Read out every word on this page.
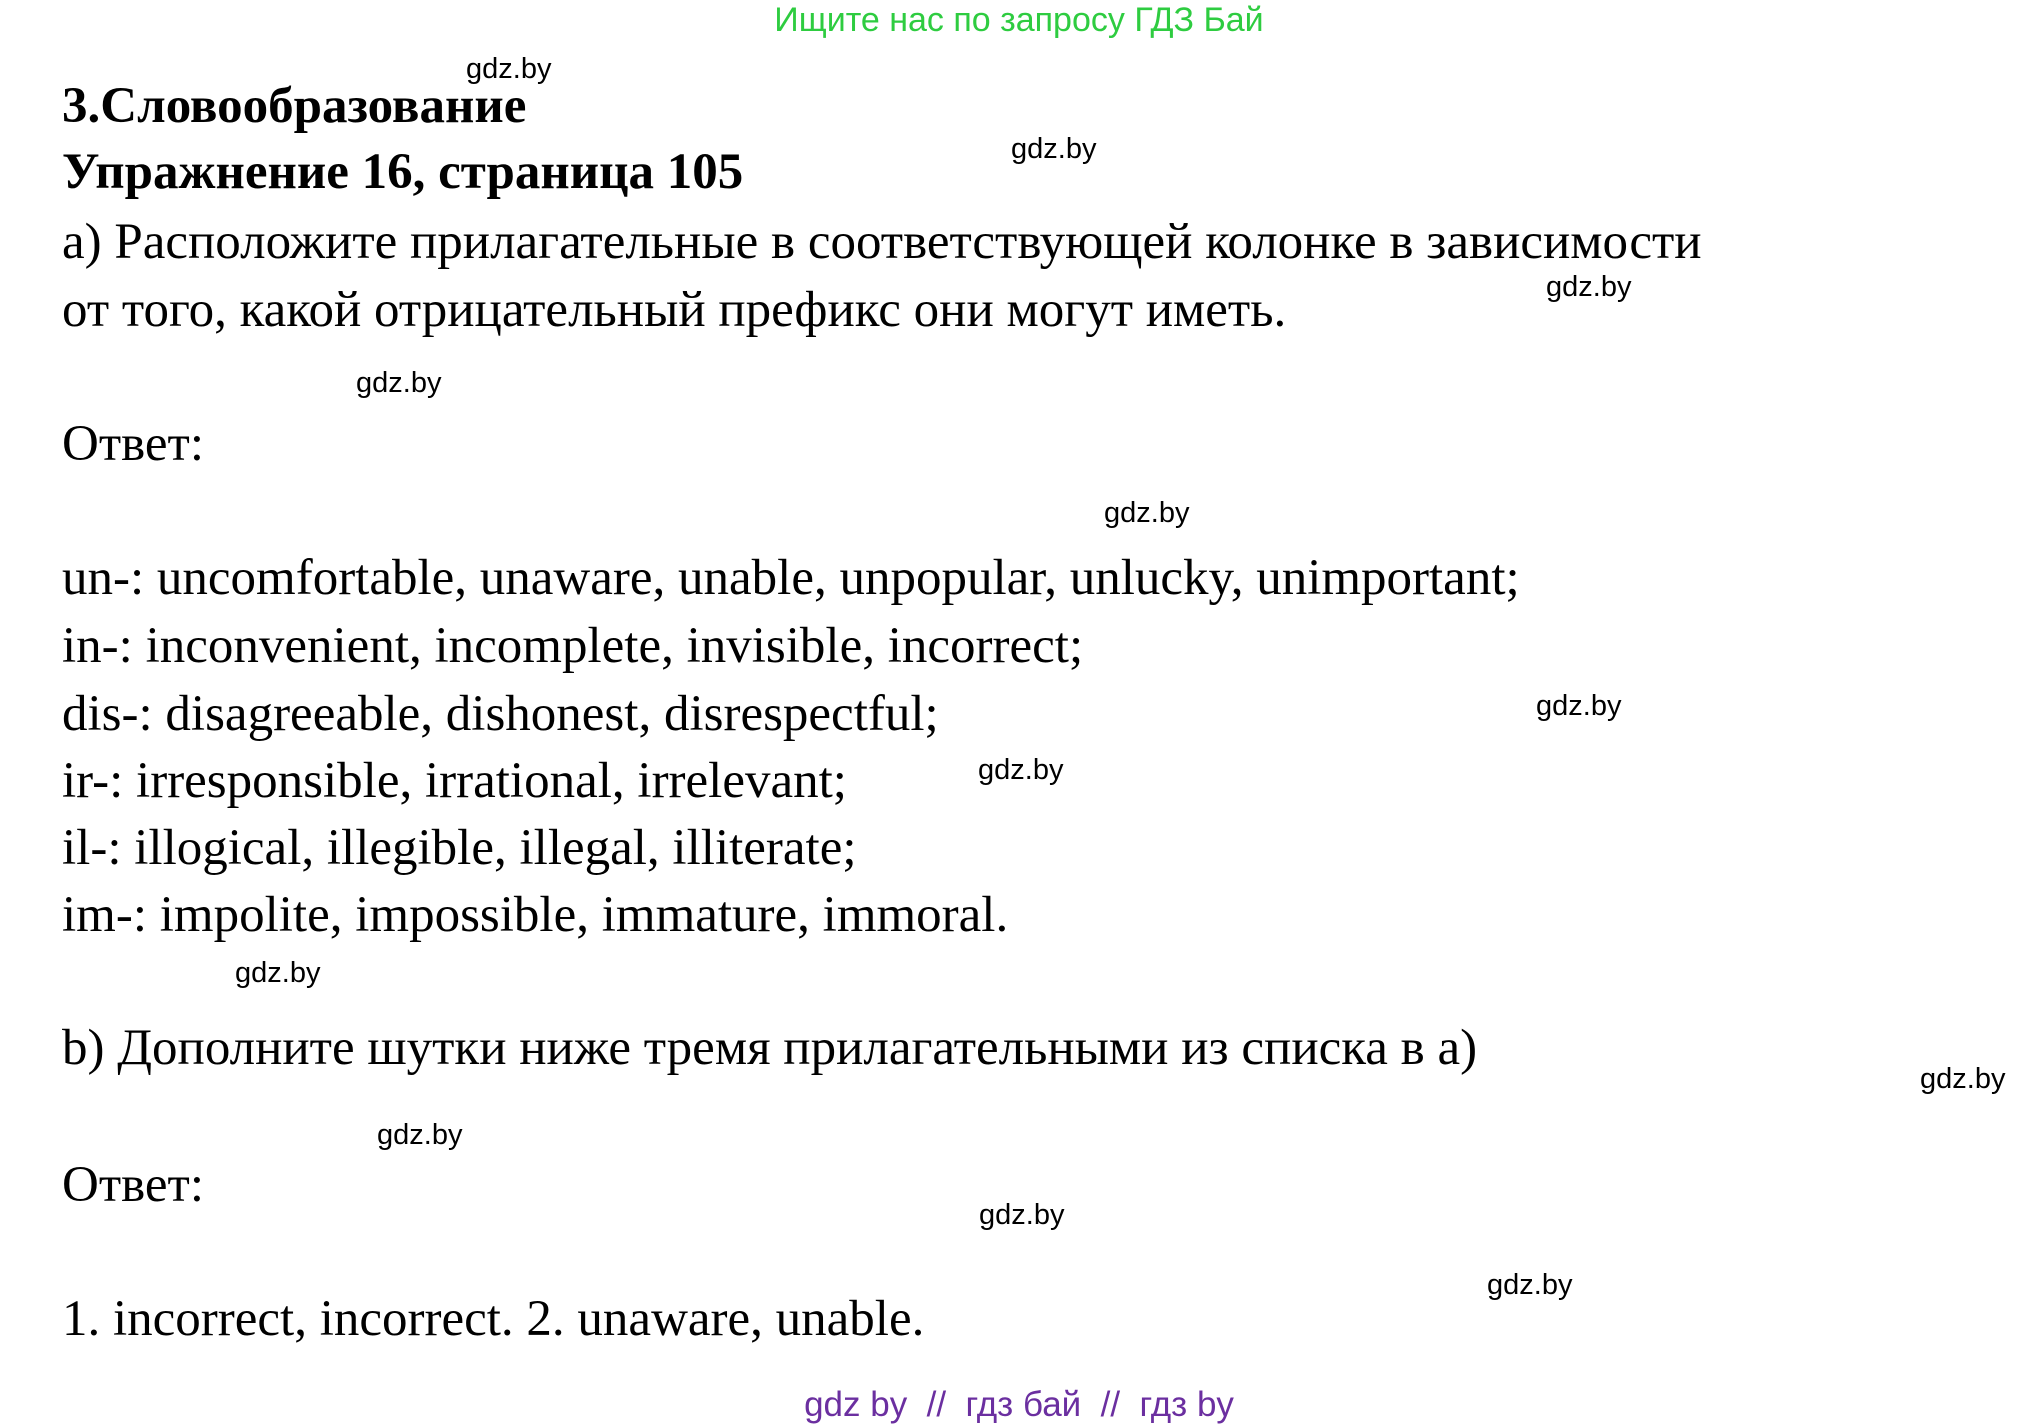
Ищите нас по запросу ГДЗ Бай
3.Словообразование
Упражнение 16, страница 105
a) Расположите прилагательные в соответствующей колонке в зависимости
от того, какой отрицательный префикс они могут иметь.
Ответ:
un-: uncomfortable, unaware, unable, unpopular, unlucky, unimportant;
in-: inconvenient, incomplete, invisible, incorrect;
dis-: disagreeable, dishonest, disrespectful;
ir-: irresponsible, irrational, irrelevant;
il-: illogical, illegible, illegal, illiterate;
im-: impolite, impossible, immature, immoral.
b) Дополните шутки ниже тремя прилагательными из списка в а)
Ответ:
1. incorrect, incorrect. 2. unaware, unable.
gdz.by
gdz.by
gdz.by
gdz.by
gdz.by
gdz.by
gdz.by
gdz.by
gdz.by
gdz.by
gdz.by
gdz.by
gdz by  //  гдз бай  //  гдз by
